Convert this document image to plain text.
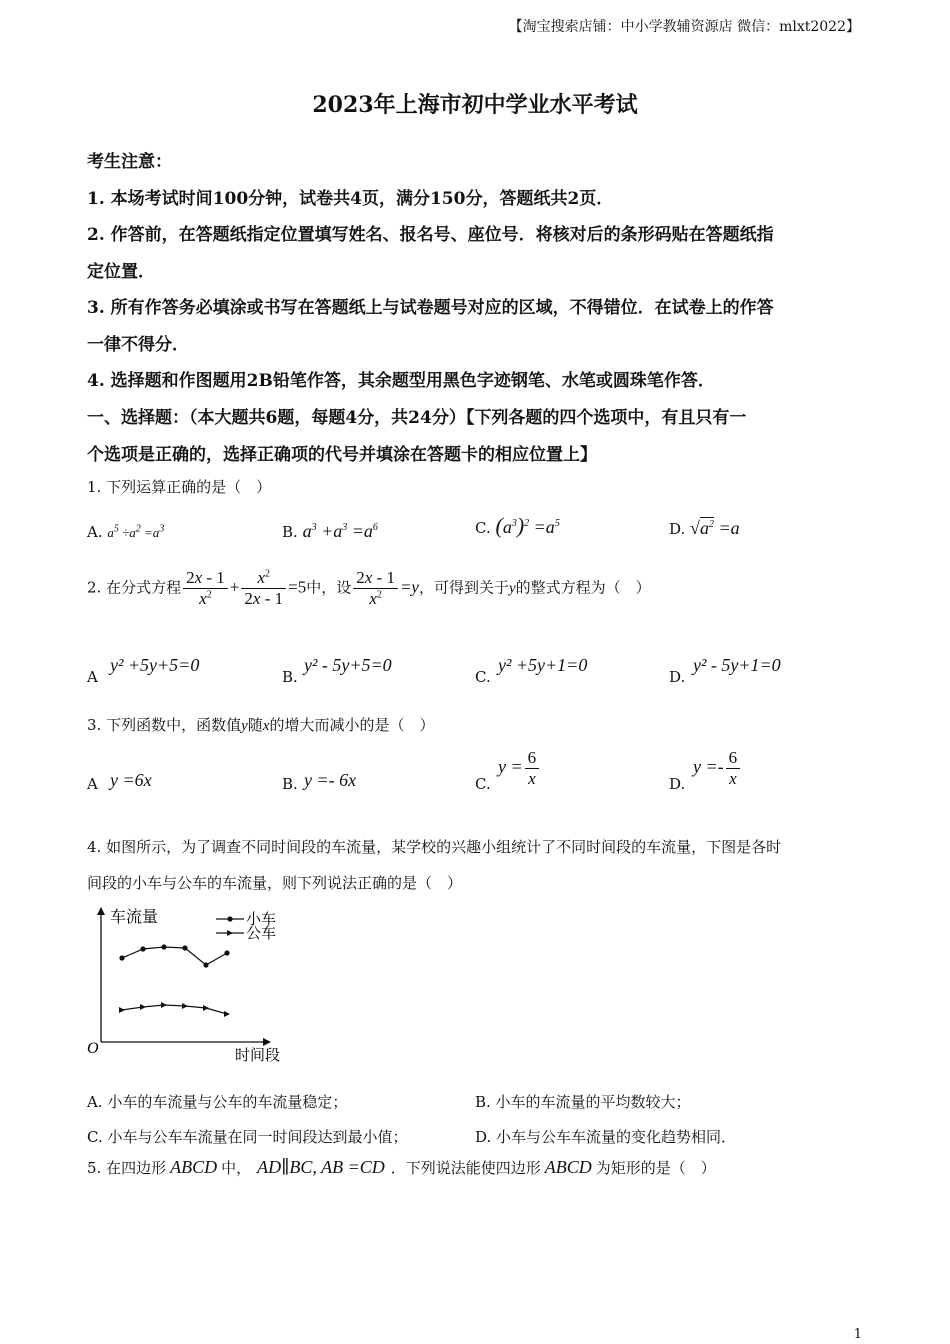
【淘宝搜索店铺：中小学教辅资源店 微信：mlxt2022】
2023年上海市初中学业水平考试
考生注意：
1. 本场考试时间100分钟，试卷共4页，满分150分，答题纸共2页．
2. 作答前，在答题纸指定位置填写姓名、报名号、座位号．将核对后的条形码贴在答题纸指
定位置．
3. 所有作答务必填涂或书写在答题纸上与试卷题号对应的区域，不得错位．在试卷上的作答
一律不得分．
4. 选择题和作图题用2B铅笔作答，其余题型用黑色字迹钢笔、水笔或圆珠笔作答．
一、选择题：（本大题共6题，每题4分，共24分）【下列各题的四个选项中，有且只有一
个选项是正确的，选择正确项的代号并填涂在答题卡的相应位置上】
1. 下列运算正确的是（　）
A. $a^5 \div a^2 =a^3$	B. $a^3 +a^3 =a^6$	C. $(a^3)^2 =a^5$	D. $√a^2 =a$
2. 在分式方程 $\frac{2x - 1}{x^2} + \frac{x^2}{2x - 1} =5$中，设 $\frac{2x - 1}{x^2} =y$，可得到关于y的整式方程为（　）
A
y² +5y+5=0
B.
y² - 5y+5=0
C.
y² +5y+1=0
D.
y² - 5y+1=0
3. 下列函数中，函数值y随x的增大而减小的是（　）
A y =6x	B. y =- 6x	C.
$y = \frac{6}{x}$	D.
$y =- \frac{6}{x}$
4. 如图所示，为了调查不同时间段的车流量，某学校的兴趣小组统计了不同时间段的车流量，下图是各时
间段的小车与公车的车流量，则下列说法正确的是（　）
车流量
时间段
O
小车
公车
A. 小车的车流量与公车的车流量稳定；	B. 小车的车流量的平均数较大；
C. 小车与公车车流量在同一时间段达到最小值；	D. 小车与公车车流量的变化趋势相同．
5. 在四边形 ABCD 中， AD∥BC, AB =CD ．下列说法能使四边形 ABCD 为矩形的是（　）
1
